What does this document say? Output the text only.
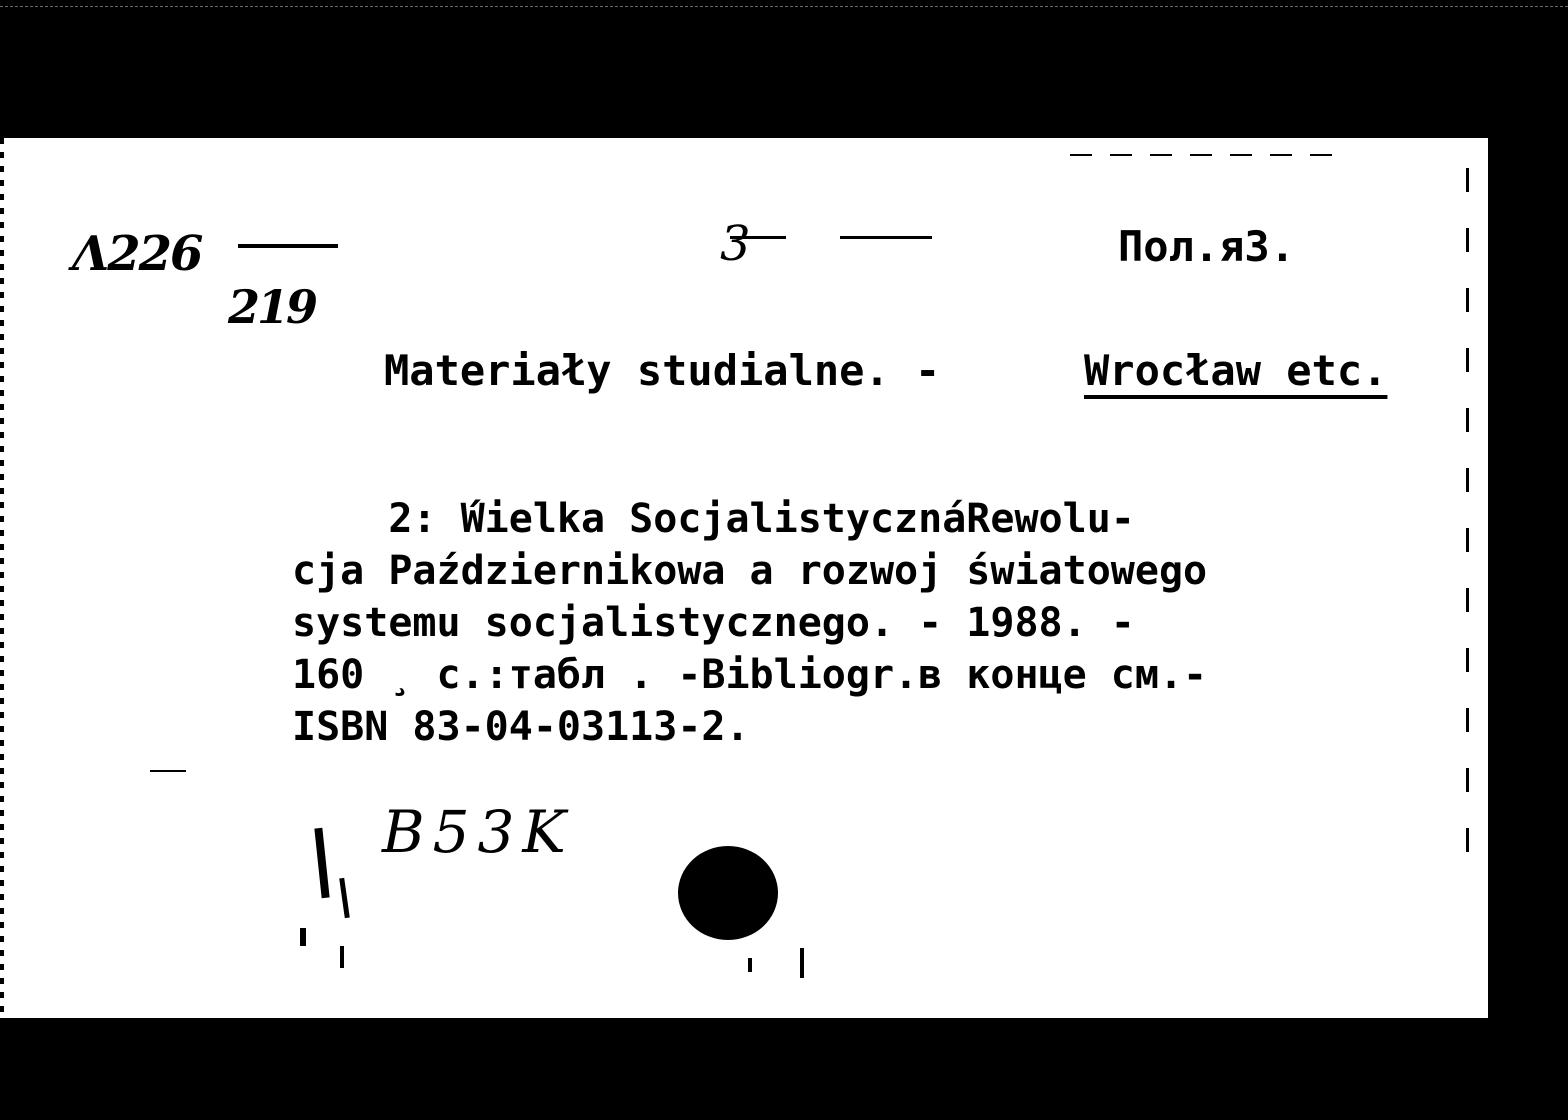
Λ226
219
3	Пол.я3.
Materiały studialne. -	Wrocław etc.
2: ́Wielka SocjalistycznáRewolu-
cja Październikowa a rozwoj światowego
systemu socjalistycznego. - 1988. -
160 ̧ c.:табл . -Bibliogr.в конце см.-
ISBN 83-04-03113-2.
B53K
